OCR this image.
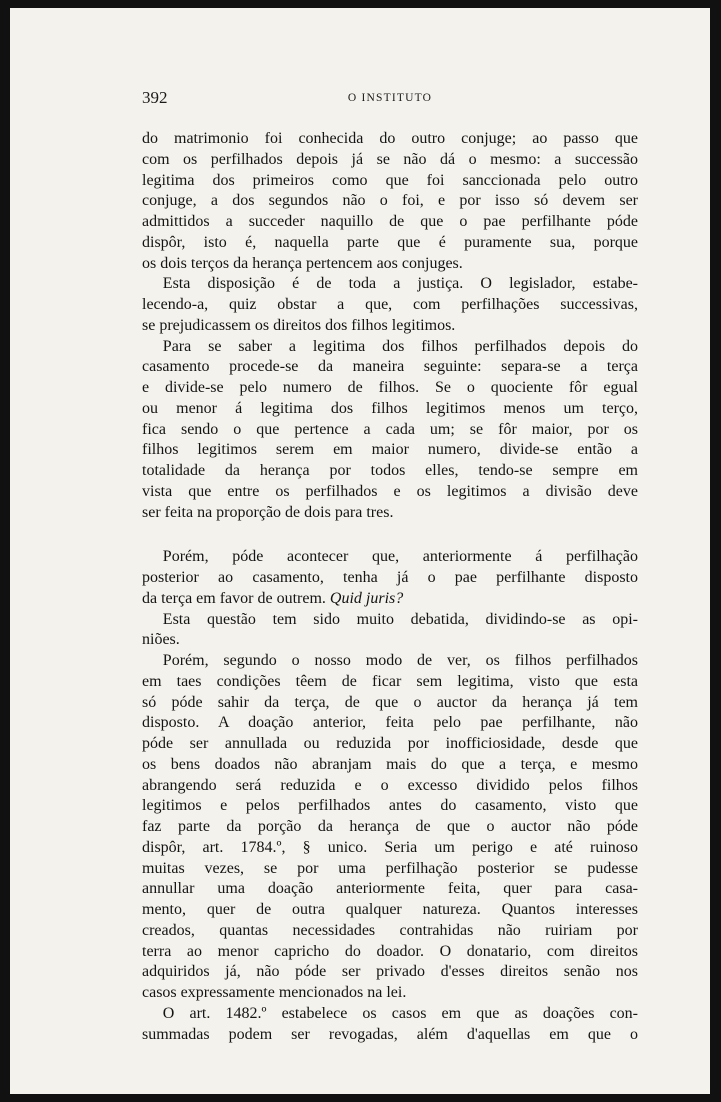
392	O INSTITUTO

do matrimonio foi conhecida do outro conjuge; ao passo que

com os perfilhados depois já se não dá o mesmo: a successão

legitima dos primeiros como que foi sanccionada pelo outro

conjuge, a dos segundos não o foi, e por isso só devem ser

admittidos a succeder naquillo de que o pae perfilhante póde

dispôr, isto é, naquella parte que é puramente sua, porque

os dois terços da herança pertencem aos conjuges.

Esta disposição é de toda a justiça. O legislador, estabe-

lecendo-a, quiz obstar a que, com perfilhações successivas,

se prejudicassem os direitos dos filhos legitimos.

Para se saber a legitima dos filhos perfilhados depois do

casamento procede-se da maneira seguinte: separa-se a terça

e divide-se pelo numero de filhos. Se o quociente fôr egual

ou menor á legitima dos filhos legitimos menos um terço,

fica sendo o que pertence a cada um; se fôr maior, por os

filhos legitimos serem em maior numero, divide-se então a

totalidade da herança por todos elles, tendo-se sempre em

vista que entre os perfilhados e os legitimos a divisão deve

ser feita na proporção de dois para tres.

Porém, póde acontecer que, anteriormente á perfilhação

posterior ao casamento, tenha já o pae perfilhante disposto

da terça em favor de outrem. Quid juris?

Esta questão tem sido muito debatida, dividindo-se as opi-

niões.

Porém, segundo o nosso modo de ver, os filhos perfilhados

em taes condições têem de ficar sem legitima, visto que esta

só póde sahir da terça, de que o auctor da herança já tem

disposto. A doação anterior, feita pelo pae perfilhante, não

póde ser annullada ou reduzida por inofficiosidade, desde que

os bens doados não abranjam mais do que a terça, e mesmo

abrangendo será reduzida e o excesso dividido pelos filhos

legitimos e pelos perfilhados antes do casamento, visto que

faz parte da porção da herança de que o auctor não póde

dispôr, art. 1784.º, § unico. Seria um perigo e até ruinoso

muitas vezes, se por uma perfilhação posterior se pudesse

annullar uma doação anteriormente feita, quer para casa-

mento, quer de outra qualquer natureza. Quantos interesses

creados, quantas necessidades contrahidas não ruiriam por

terra ao menor capricho do doador. O donatario, com direitos

adquiridos já, não póde ser privado d'esses direitos senão nos

casos expressamente mencionados na lei.

O art. 1482.º estabelece os casos em que as doações con-

summadas podem ser revogadas, além d'aquellas em que o
